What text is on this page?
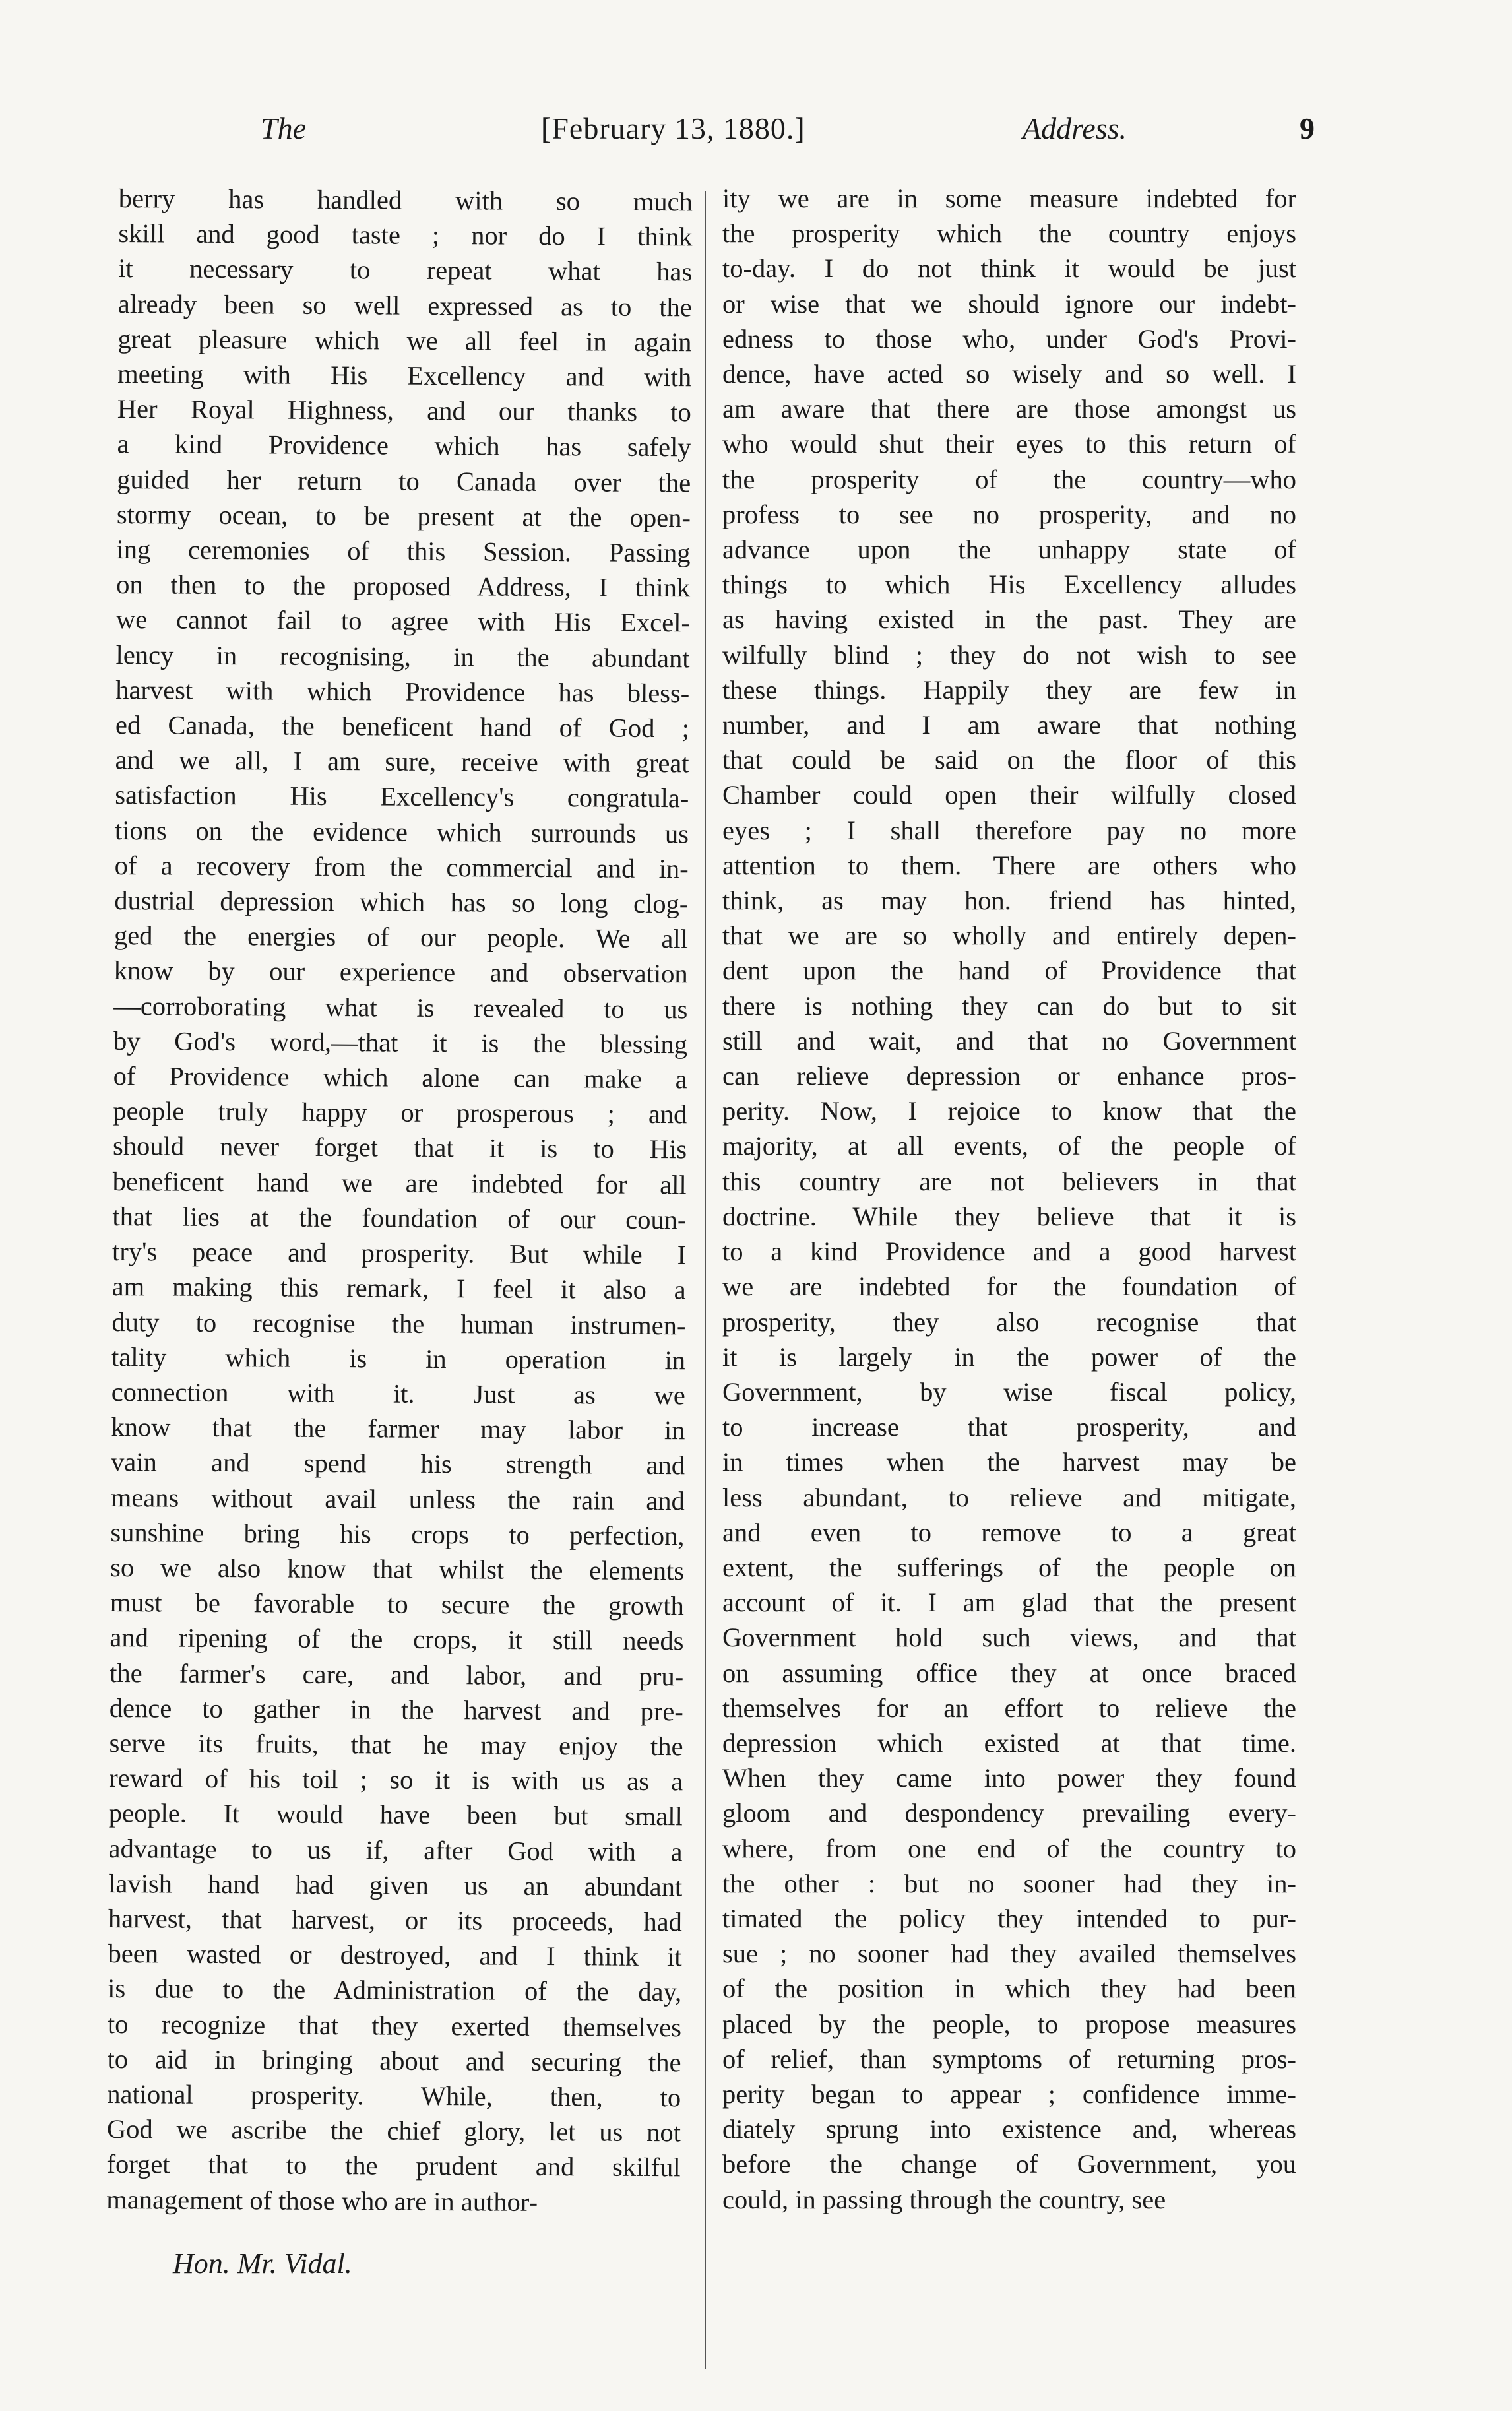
The	[February 13, 1880.]	Address.	9

berry has handled with so much

skill and good taste ; nor do I think

it necessary to repeat what has

already been so well expressed as to the

great pleasure which we all feel in again

meeting with His Excellency and with

Her Royal Highness, and our thanks to

a kind Providence which has safely

guided her return to Canada over the

stormy ocean, to be present at the open-

ing ceremonies of this Session. Passing

on then to the proposed Address, I think

we cannot fail to agree with His Excel-

lency in recognising, in the abundant

harvest with which Providence has bless-

ed Canada, the beneficent hand of God ;

and we all, I am sure, receive with great

satisfaction His Excellency's congratula-

tions on the evidence which surrounds us

of a recovery from the commercial and in-

dustrial depression which has so long clog-

ged the energies of our people. We all

know by our experience and observation

—corroborating what is revealed to us

by God's word,—that it is the blessing

of Providence which alone can make a

people truly happy or prosperous ; and

should never forget that it is to His

beneficent hand we are indebted for all

that lies at the foundation of our coun-

try's peace and prosperity. But while I

am making this remark, I feel it also a

duty to recognise the human instrumen-

tality which is in operation in

connection with it. Just as we

know that the farmer may labor in

vain and spend his strength and

means without avail unless the rain and

sunshine bring his crops to perfection,

so we also know that whilst the elements

must be favorable to secure the growth

and ripening of the crops, it still needs

the farmer's care, and labor, and pru-

dence to gather in the harvest and pre-

serve its fruits, that he may enjoy the

reward of his toil ; so it is with us as a

people. It would have been but small

advantage to us if, after God with a

lavish hand had given us an abundant

harvest, that harvest, or its proceeds, had

been wasted or destroyed, and I think it

is due to the Administration of the day,

to recognize that they exerted themselves

to aid in bringing about and securing the

national prosperity. While, then, to

God we ascribe the chief glory, let us not

forget that to the prudent and skilful

management of those who are in author-

ity we are in some measure indebted for

the prosperity which the country enjoys

to-day. I do not think it would be just

or wise that we should ignore our indebt-

edness to those who, under God's Provi-

dence, have acted so wisely and so well. I

am aware that there are those amongst us

who would shut their eyes to this return of

the prosperity of the country—who

profess to see no prosperity, and no

advance upon the unhappy state of

things to which His Excellency alludes

as having existed in the past. They are

wilfully blind ; they do not wish to see

these things. Happily they are few in

number, and I am aware that nothing

that could be said on the floor of this

Chamber could open their wilfully closed

eyes ; I shall therefore pay no more

attention to them. There are others who

think, as may hon. friend has hinted,

that we are so wholly and entirely depen-

dent upon the hand of Providence that

there is nothing they can do but to sit

still and wait, and that no Government

can relieve depression or enhance pros-

perity. Now, I rejoice to know that the

majority, at all events, of the people of

this country are not believers in that

doctrine. While they believe that it is

to a kind Providence and a good harvest

we are indebted for the foundation of

prosperity, they also recognise that

it is largely in the power of the

Government, by wise fiscal policy,

to increase that prosperity, and

in times when the harvest may be

less abundant, to relieve and mitigate,

and even to remove to a great

extent, the sufferings of the people on

account of it. I am glad that the present

Government hold such views, and that

on assuming office they at once braced

themselves for an effort to relieve the

depression which existed at that time.

When they came into power they found

gloom and despondency prevailing every-

where, from one end of the country to

the other : but no sooner had they in-

timated the policy they intended to pur-

sue ; no sooner had they availed themselves

of the position in which they had been

placed by the people, to propose measures

of relief, than symptoms of returning pros-

perity began to appear ; confidence imme-

diately sprung into existence and, whereas

before the change of Government, you

could, in passing through the country, see

Hon. Mr. Vidal.
